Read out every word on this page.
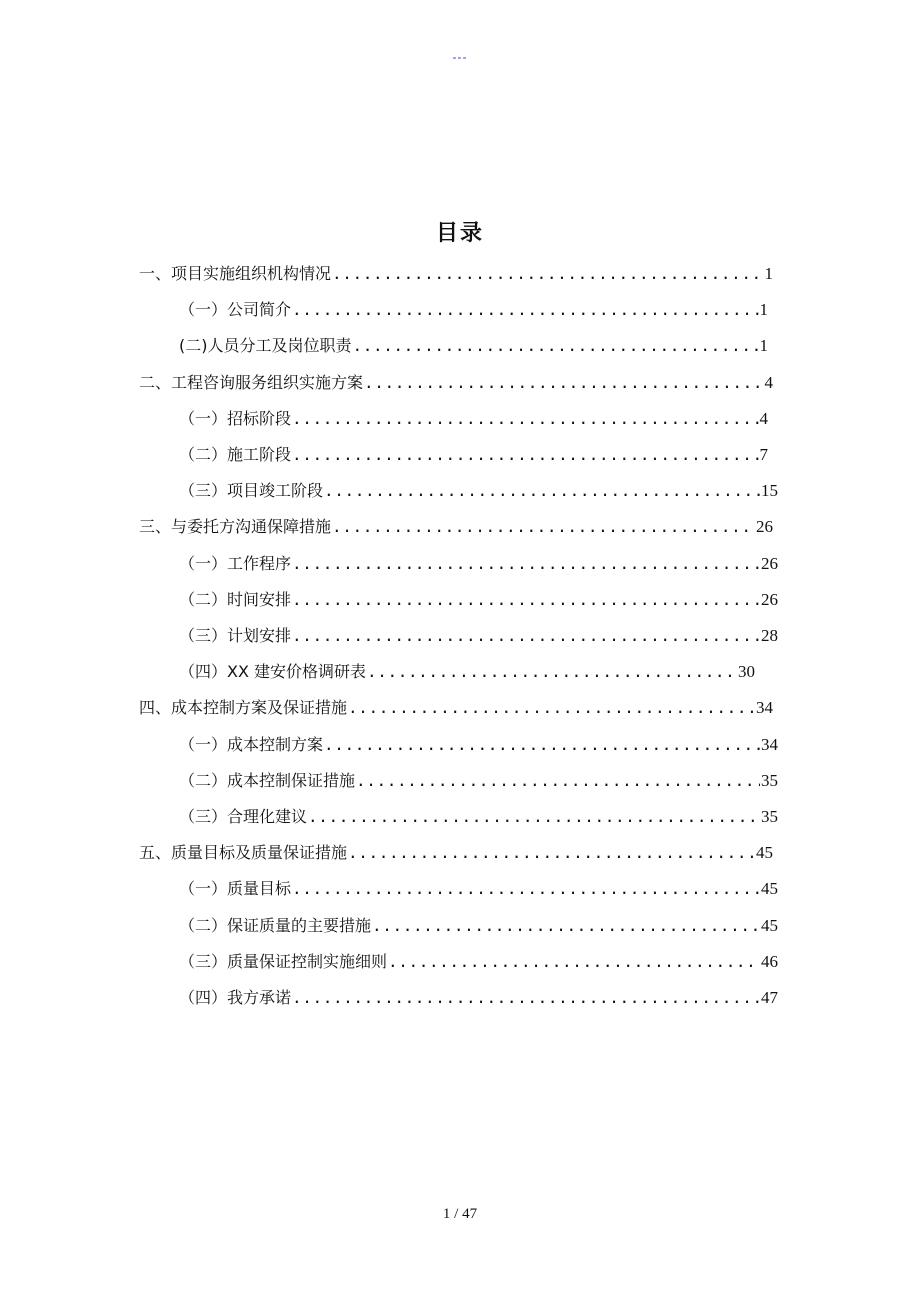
---
目录
一、项目实施组织机构情况 .....	1
（一）公司简介 .....	1
(二)人员分工及岗位职责 .....	1
二、工程咨询服务组织实施方案 .....	4
（一）招标阶段 .....	4
（二）施工阶段 .....	7
（三）项目竣工阶段 .....	15
三、与委托方沟通保障措施 .....	26
（一）工作程序 .....	26
（二）时间安排 .....	26
（三）计划安排 .....	28
（四）XX 建安价格调研表 .....	30
四、成本控制方案及保证措施 .....	34
（一）成本控制方案 .....	34
（二）成本控制保证措施 .....	35
（三）合理化建议 .....	35
五、质量目标及质量保证措施 .....	45
（一）质量目标 .....	45
（二）保证质量的主要措施 .....	45
（三）质量保证控制实施细则 .....	46
（四）我方承诺 .....	47
1 / 47
